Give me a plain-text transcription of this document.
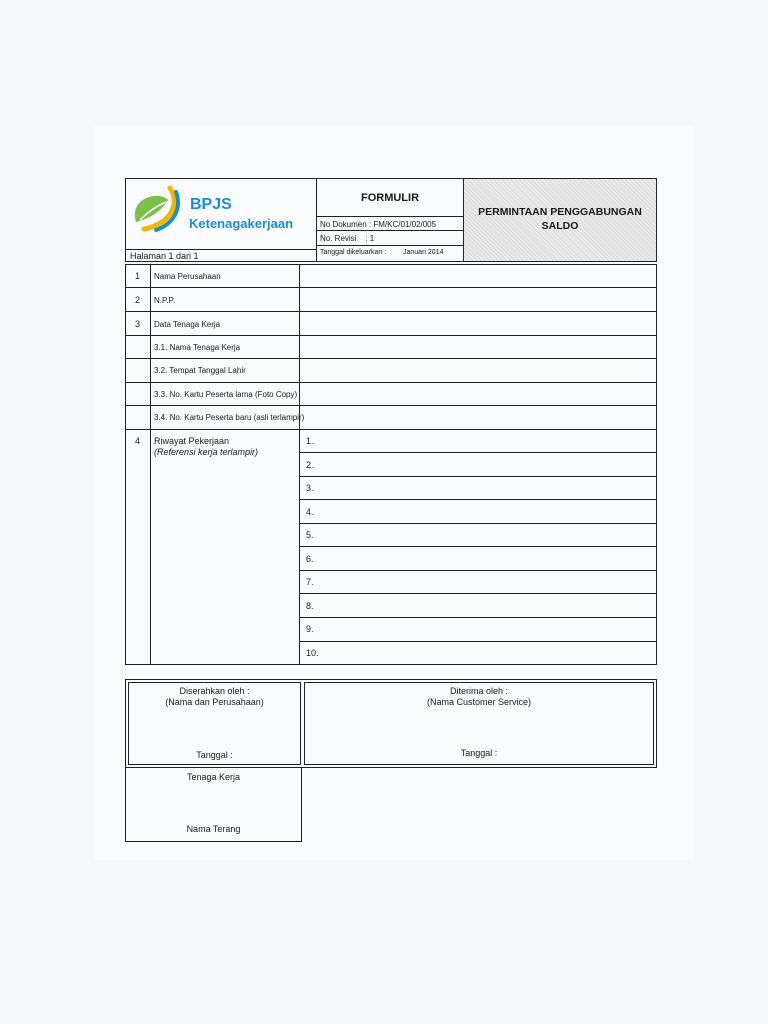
BPJS
Ketenagakerjaan
Halaman 1 dari 1
FORMULIR
No Dokumen : FM/KC/01/02/005
No. Revisi    : 1
Tanggal dikeluarkan : Januari 2014
PERMINTAAN PENGGABUNGAN
SALDO
1	Nama Perusahaan
2	N.P.P.
3	Data Tenaga Kerja
3.1. Nama Tenaga Kerja
3.2. Tempat Tanggal Lahir
3.3. No. Kartu Peserta lama (Foto Copy)
3.4. No. Kartu Peserta baru (asli terlampir)
4	Riwayat Pekerjaan
(Referensi kerja terlampir)
1.
2.
3.
4.
5.
6.
7.
8.
9.
10.
Diserahkan oleh :
(Nama dan Perusahaan)
Tanggal :
Diterima oleh :
(Nama Customer Service)
Tanggal :
Tenaga Kerja
Nama Terang
